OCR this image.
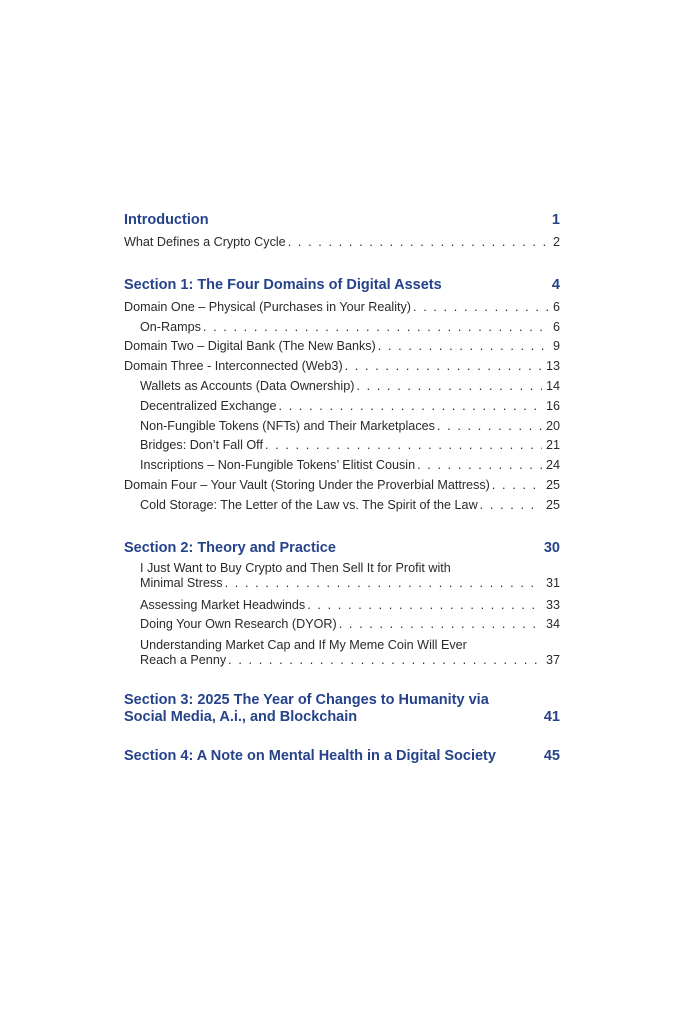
Introduction	1
What Defines a Crypto Cycle . . .	2
Section 1: The Four Domains of Digital Assets	4
Domain One – Physical (Purchases in Your Reality) . . .	6
On-Ramps . . .	6
Domain Two – Digital Bank (The New Banks) . . .	9
Domain Three - Interconnected (Web3) . . .	13
Wallets as Accounts (Data Ownership) . . .	14
Decentralized Exchange . . .	16
Non-Fungible Tokens (NFTs) and Their Marketplaces . . .	20
Bridges: Don’t Fall Off . . .	21
Inscriptions – Non-Fungible Tokens’ Elitist Cousin . . .	24
Domain Four – Your Vault (Storing Under the Proverbial Mattress) . . .	25
Cold Storage: The Letter of the Law vs. The Spirit of the Law . . .	25
Section 2: Theory and Practice	30
I Just Want to Buy Crypto and Then Sell It for Profit with
Minimal Stress . . .	31
Assessing Market Headwinds . . .	33
Doing Your Own Research (DYOR) . . .	34
Understanding Market Cap and If My Meme Coin Will Ever
Reach a Penny . . .	37
Section 3: 2025 The Year of Changes to Humanity via
Social Media, A.i., and Blockchain	41
Section 4: A Note on Mental Health in a Digital Society	45
